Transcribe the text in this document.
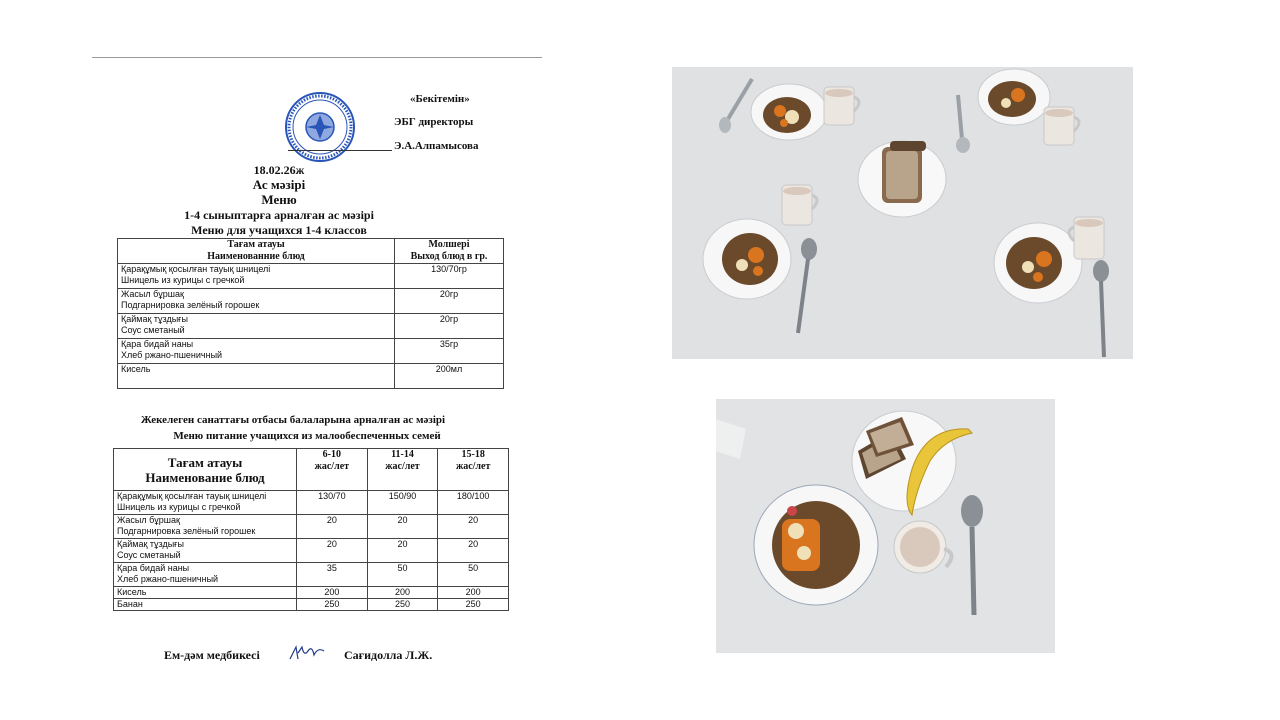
«Бекітемін»
ЭБГ директоры
Э.А.Алпамысова
18.02.26ж
Ас мәзірі
Меню
1-4 сыныптарға арналған ас мәзірі
Меню для учащихся 1-4 классов
Тағам атауы
Наименованние блюд	Молшері
Выход блюд в гр.
Қарақұмық қосылған тауық шницелі
Шницель из курицы с гречкой	130/70гр
Жасыл бұршақ
Подгарнировка зелёный горошек	20гр
Қаймақ тұздығы
Соус сметаный	20гр
Қара бидай наны
Хлеб ржано-пшеничный	35гр
Кисель	200мл
Жекелеген санаттағы отбасы балаларына арналған ас мәзірі
Меню питание учащихся из малообеспеченных семей
Тағам атауы
Наименование блюд	6-10
жас/лет	11-14
жас/лет	15-18
жас/лет
Қарақұмық қосылған тауық шницелі
Шницель из курицы с гречкой	130/70	150/90	180/100
Жасыл бұршақ
Подгарнировка зелёный горошек	20	20	20
Қаймақ тұздығы
Соус сметаный	20	20	20
Қара бидай наны
Хлеб ржано-пшеничный	35	50	50
Кисель	200	200	200
Банан	250	250	250
Ем-дәм медбикесі	Сағидолла Л.Ж.
